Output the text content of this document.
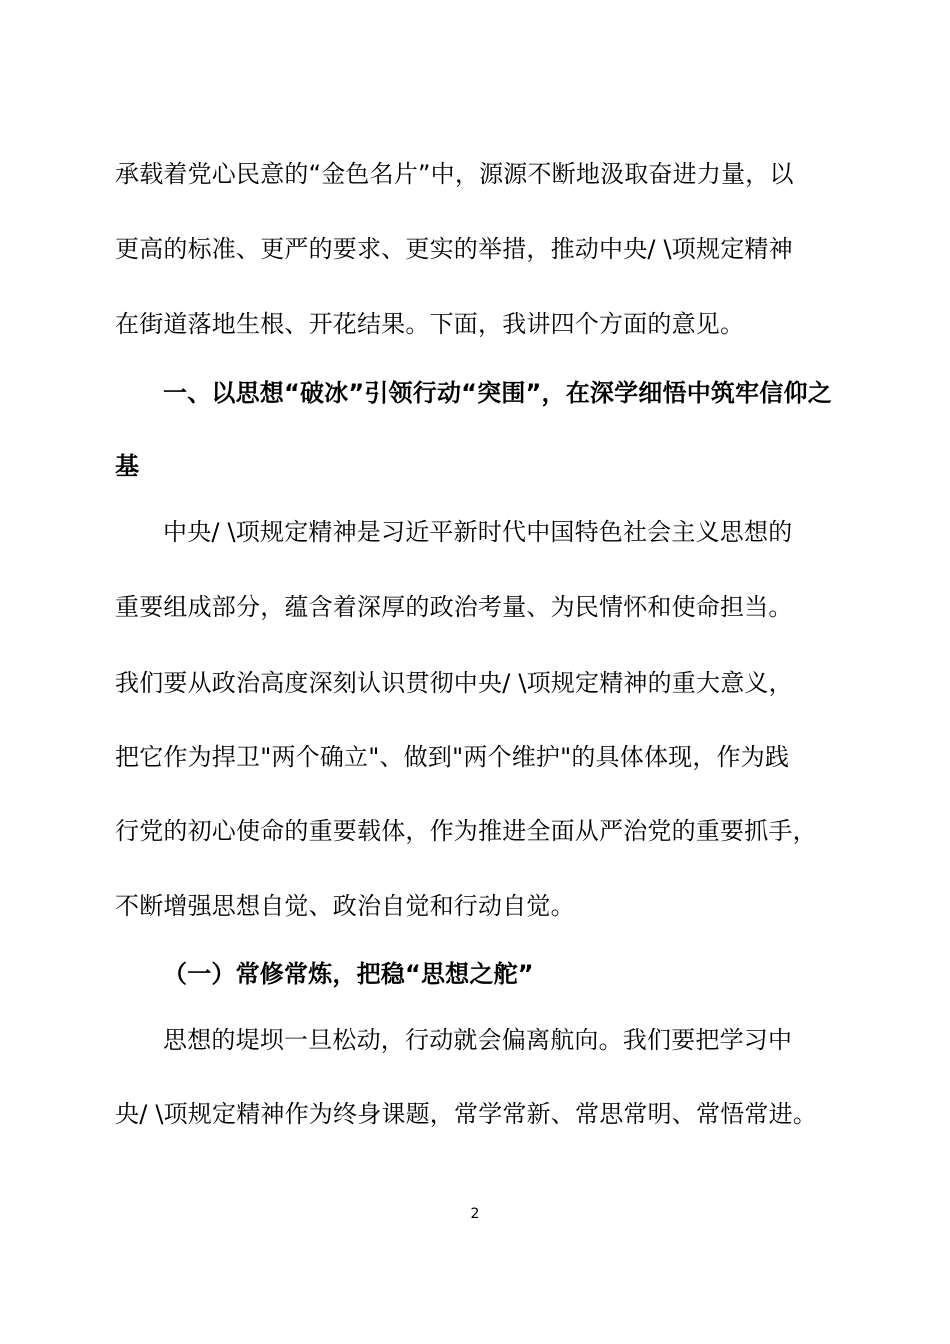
承载着党心民意的“金色名片”中，源源不断地汲取奋进力量，以
更高的标准、更严的要求、更实的举措，推动中央/ \项规定精神
在街道落地生根、开花结果。下面，我讲四个方面的意见。
一、以思想“破冰”引领行动“突围”，在深学细悟中筑牢信仰之
基
中央/ \项规定精神是习近平新时代中国特色社会主义思想的
重要组成部分，蕴含着深厚的政治考量、为民情怀和使命担当。
我们要从政治高度深刻认识贯彻中央/ \项规定精神的重大意义，
把它作为捍卫"两个确立"、做到"两个维护"的具体体现，作为践
行党的初心使命的重要载体，作为推进全面从严治党的重要抓手，
不断增强思想自觉、政治自觉和行动自觉。
（一）常修常炼，把稳“思想之舵”
思想的堤坝一旦松动，行动就会偏离航向。我们要把学习中
央/ \项规定精神作为终身课题，常学常新、常思常明、常悟常进。
2
